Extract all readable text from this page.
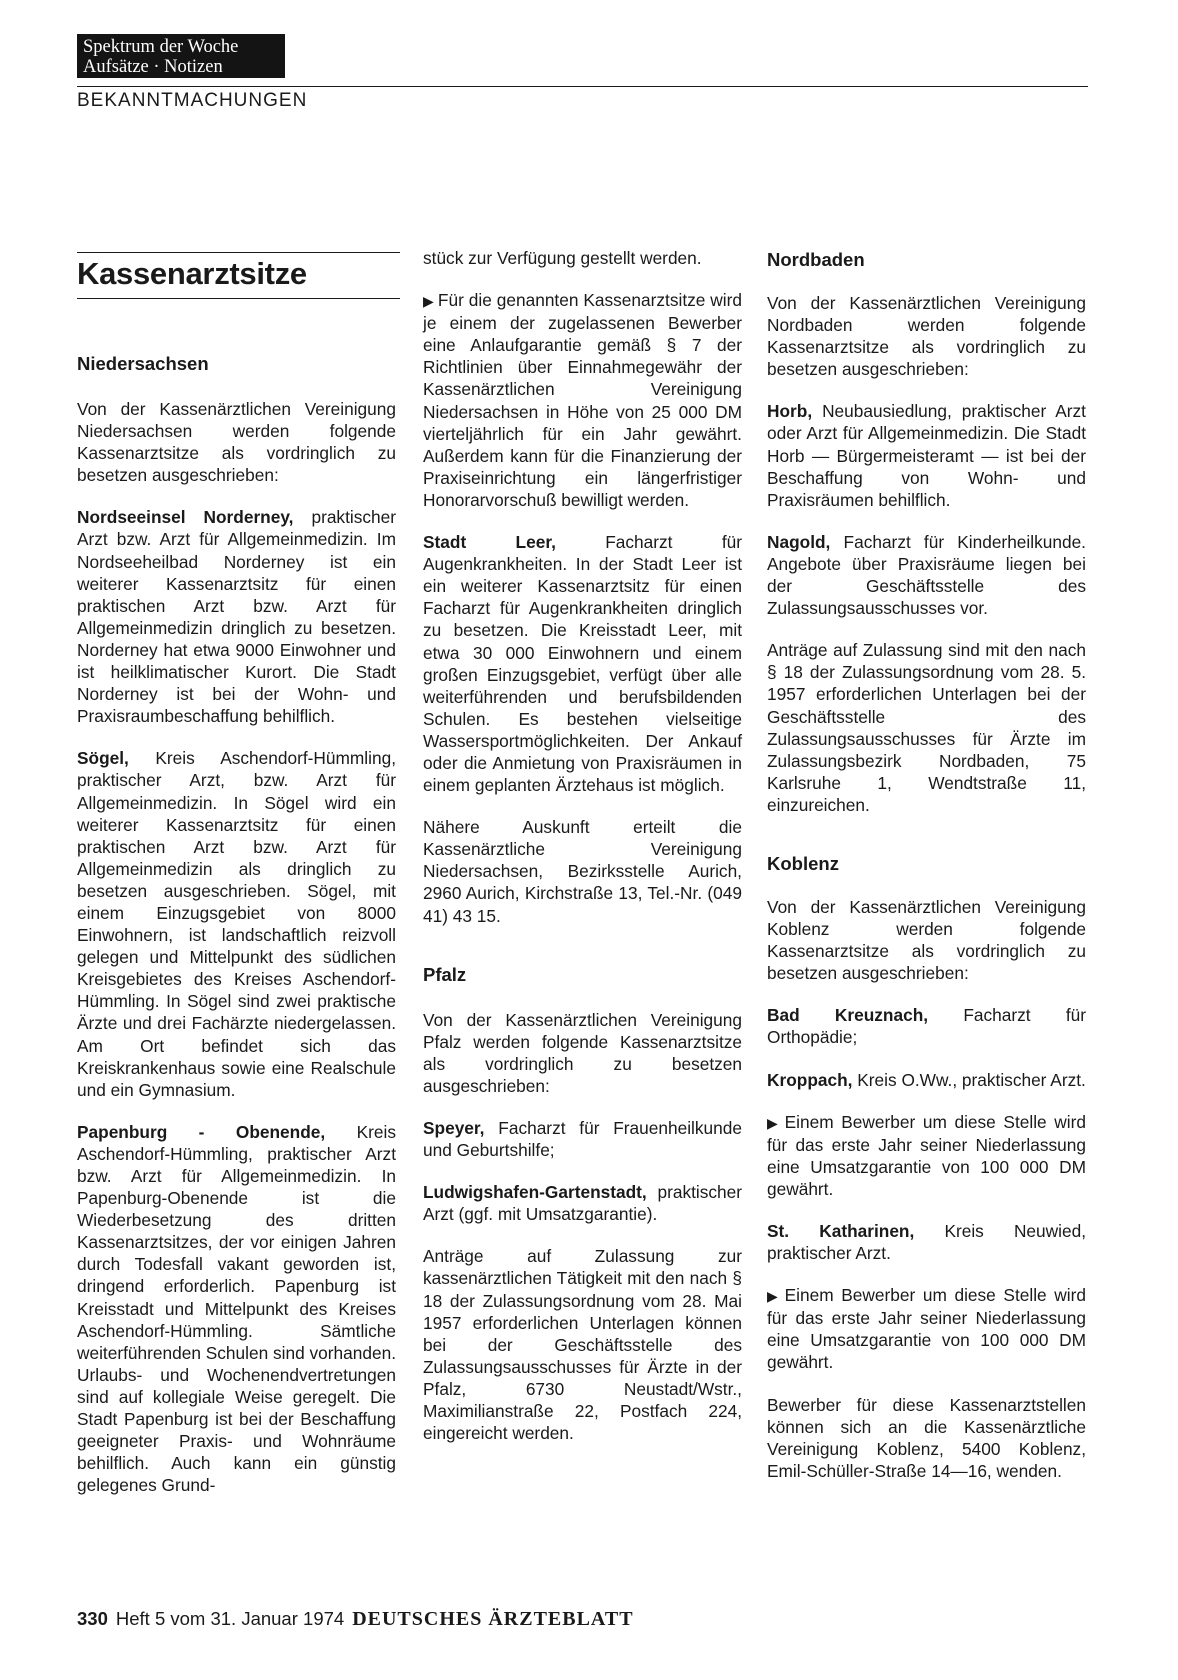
Spektrum der Woche
Aufsätze · Notizen
BEKANNTMACHUNGEN
Kassenarztsitze
Niedersachsen

Von der Kassenärztlichen Vereinigung Niedersachsen werden folgende Kassenarztsitze als vordringlich zu besetzen ausgeschrieben:

Nordseeinsel Norderney, praktischer Arzt bzw. Arzt für Allgemeinmedizin. Im Nordseeheilbad Norderney ist ein weiterer Kassenarztsitz für einen praktischen Arzt bzw. Arzt für Allgemeinmedizin dringlich zu besetzen. Norderney hat etwa 9000 Einwohner und ist heilklimatischer Kurort. Die Stadt Norderney ist bei der Wohn- und Praxisraumbeschaffung behilflich.

Sögel, Kreis Aschendorf-Hümmling, praktischer Arzt, bzw. Arzt für Allgemeinmedizin. In Sögel wird ein weiterer Kassenarztsitz für einen praktischen Arzt bzw. Arzt für Allgemeinmedizin als dringlich zu besetzen ausgeschrieben. Sögel, mit einem Einzugsgebiet von 8000 Einwohnern, ist landschaftlich reizvoll gelegen und Mittelpunkt des südlichen Kreisgebietes des Kreises Aschendorf-Hümmling. In Sögel sind zwei praktische Ärzte und drei Fachärzte niedergelassen. Am Ort befindet sich das Kreiskrankenhaus sowie eine Realschule und ein Gymnasium.

Papenburg - Obenende, Kreis Aschendorf-Hümmling, praktischer Arzt bzw. Arzt für Allgemeinmedizin. In Papenburg-Obenende ist die Wiederbesetzung des dritten Kassenarztsitzes, der vor einigen Jahren durch Todesfall vakant geworden ist, dringend erforderlich. Papenburg ist Kreisstadt und Mittelpunkt des Kreises Aschendorf-Hümmling. Sämtliche weiterführenden Schulen sind vorhanden. Urlaubs- und Wochenendvertretungen sind auf kollegiale Weise geregelt. Die Stadt Papenburg ist bei der Beschaffung geeigneter Praxis- und Wohnräume behilflich. Auch kann ein günstig gelegenes Grund-

stück zur Verfügung gestellt werden.

▶ Für die genannten Kassenarztsitze wird je einem der zugelassenen Bewerber eine Anlaufgarantie gemäß § 7 der Richtlinien über Einnahmegewähr der Kassenärztlichen Vereinigung Niedersachsen in Höhe von 25 000 DM vierteljährlich für ein Jahr gewährt. Außerdem kann für die Finanzierung der Praxiseinrichtung ein längerfristiger Honorarvorschuß bewilligt werden.

Stadt Leer,	Facharzt für Augenkrankheiten. In der Stadt Leer ist ein weiterer Kassenarztsitz für einen Facharzt für Augenkrankheiten dringlich zu besetzen. Die Kreisstadt Leer, mit etwa 30 000 Einwohnern und einem großen Einzugsgebiet, verfügt über alle weiterführenden und berufsbildenden Schulen. Es bestehen vielseitige Wassersportmöglichkeiten. Der Ankauf oder die Anmietung von Praxisräumen in einem geplanten Ärztehaus ist möglich.

Nähere Auskunft erteilt die Kassenärztliche Vereinigung Niedersachsen, Bezirksstelle Aurich, 2960 Aurich, Kirchstraße 13, Tel.-Nr. (049 41) 43 15.

Pfalz

Von der Kassenärztlichen Vereinigung Pfalz werden folgende Kassenarztsitze als vordringlich zu besetzen ausgeschrieben:

Speyer, Facharzt für Frauenheilkunde und Geburtshilfe;

Ludwigshafen-Gartenstadt, praktischer Arzt (ggf. mit Umsatzgarantie).

Anträge auf Zulassung zur kassenärztlichen Tätigkeit mit den nach § 18 der Zulassungsordnung vom 28. Mai 1957 erforderlichen Unterlagen können bei der Geschäftsstelle des Zulassungsausschusses für Ärzte in der Pfalz, 6730 Neustadt/Wstr., Maximilianstraße 22, Postfach 224, eingereicht werden.

Nordbaden

Von der Kassenärztlichen Vereinigung Nordbaden werden folgende Kassenarztsitze als vordringlich zu besetzen ausgeschrieben:

Horb, Neubausiedlung, praktischer Arzt oder Arzt für Allgemeinmedizin. Die Stadt Horb — Bürgermeisteramt — ist bei der Beschaffung von Wohn- und Praxisräumen behilflich.

Nagold, Facharzt für Kinderheilkunde. Angebote über Praxisräume liegen bei der Geschäftsstelle des Zulassungsausschusses vor.

Anträge auf Zulassung sind mit den nach § 18 der Zulassungsordnung vom 28. 5. 1957 erforderlichen Unterlagen bei der Geschäftsstelle des Zulassungsausschusses für Ärzte im Zulassungsbezirk Nordbaden, 75 Karlsruhe 1, Wendtstraße 11, einzureichen.

Koblenz

Von der Kassenärztlichen Vereinigung Koblenz werden folgende Kassenarztsitze als vordringlich zu besetzen ausgeschrieben:

Bad Kreuznach, Facharzt für Orthopädie;

Kroppach, Kreis O.Ww., praktischer Arzt.

▶ Einem Bewerber um diese Stelle wird für das erste Jahr seiner Niederlassung eine Umsatzgarantie von 100 000 DM gewährt.

St. Katharinen, Kreis Neuwied, praktischer Arzt.

▶ Einem Bewerber um diese Stelle wird für das erste Jahr seiner Niederlassung eine Umsatzgarantie von 100 000 DM gewährt.

Bewerber für diese Kassenarztstellen können sich an die Kassenärztliche Vereinigung Koblenz, 5400 Koblenz, Emil-Schüller-Straße 14—16, wenden.

330 Heft 5 vom 31. Januar 1974 DEUTSCHES ÄRZTEBLATT
